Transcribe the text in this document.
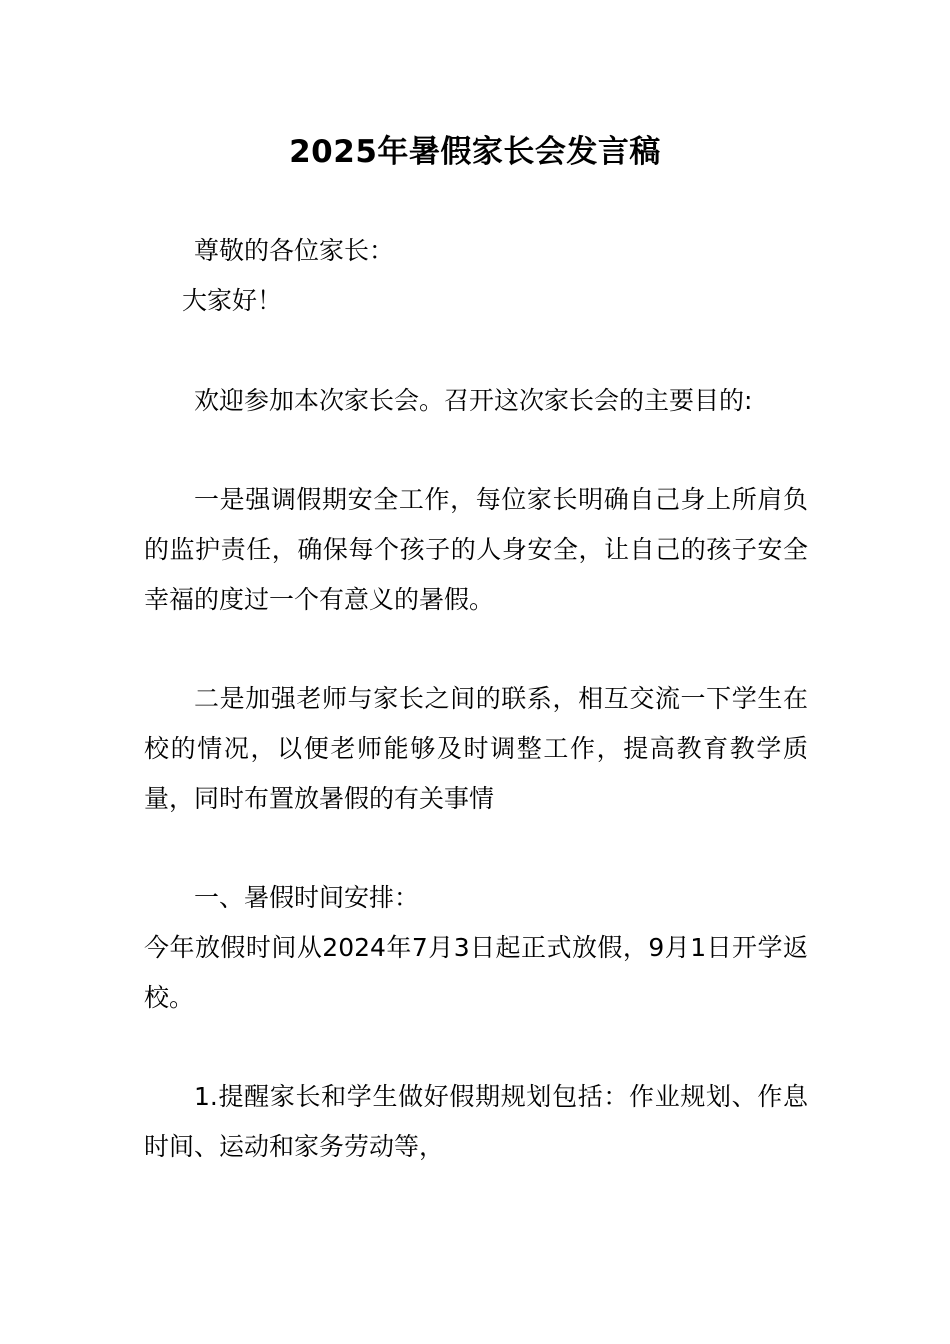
2025年暑假家长会发言稿
尊敬的各位家长：
大家好！
欢迎参加本次家长会。召开这次家长会的主要目的:

一是强调假期安全工作，每位家长明确自己身上所肩负的监护责任，确保每个孩子的人身安全，让自己的孩子安全幸福的度过一个有意义的暑假。

二是加强老师与家长之间的联系，相互交流一下学生在校的情况，以便老师能够及时调整工作，提高教育教学质量，同时布置放暑假的有关事情

一、暑假时间安排：

今年放假时间从2024年7月3日起正式放假，9月1日开学返校。

1.提醒家长和学生做好假期规划包括：作业规划、作息时间、运动和家务劳动等，
